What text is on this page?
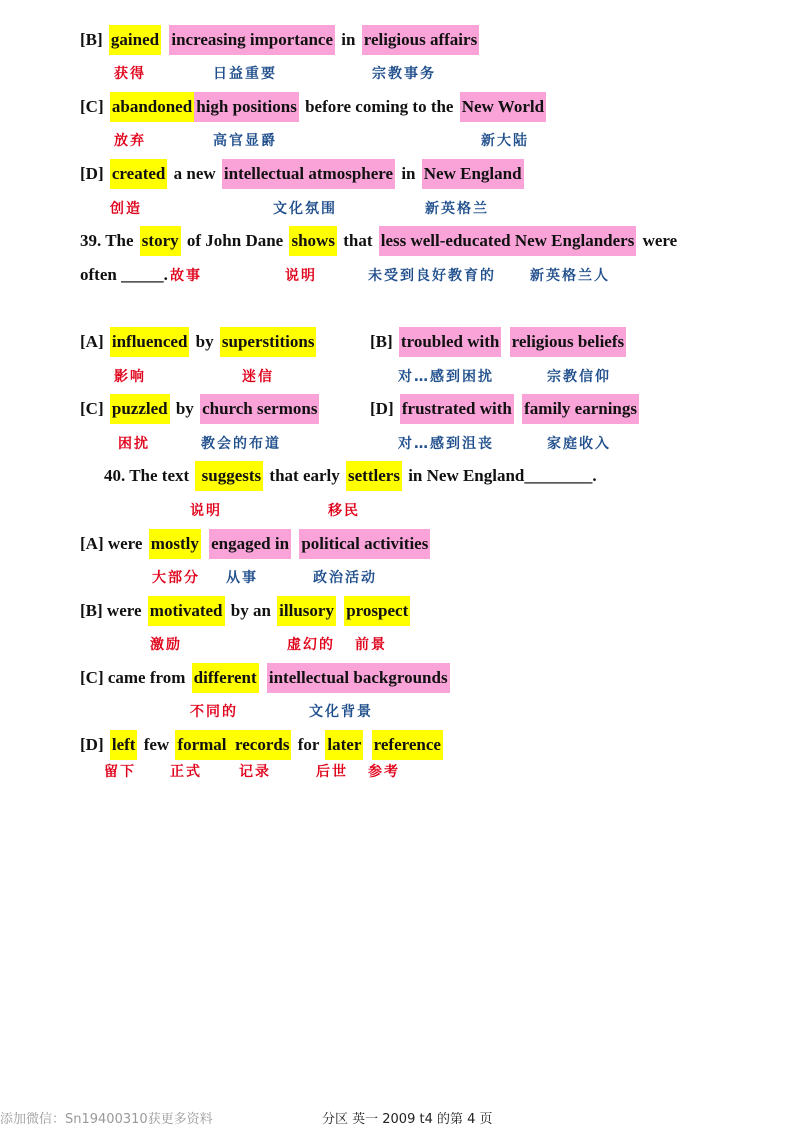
[B] gained
increasing importance in religious affairs
[C] abandoned high positions before coming to the New World
[D] created a new intellectual atmosphere in New England
39. The story of John Dane shows that less well-educated New Englanders were
often _____.
[A] influenced by superstitions	[B] troubled with
religious beliefs
[C] puzzled by church sermons	[D] frustrated with
family earnings
40. The text suggests that early settlers in New England________.
[A] were mostly
engaged in
political activities
[B] were motivated by an illusory
prospect
[C] came from different
intellectual backgrounds
[D] left few formal  records for later
reference
获得	日益重要	宗教事务
放弃	高官显爵	新大陆
创造	文化氛围	新英格兰
故事	说明	未受到良好教育的 新英格兰人
影响	迷信	对…感到困扰	宗教信仰
困扰	教会的布道	对…感到沮丧	家庭收入
说明	移民
大部分 从事	政治活动
激励	虚幻的 前景
不同的	文化背景
留下 正式	记录	后世 参考
添加微信：Sn19400310获更多资料	分区 英一 2009 t4 的第 4 页
